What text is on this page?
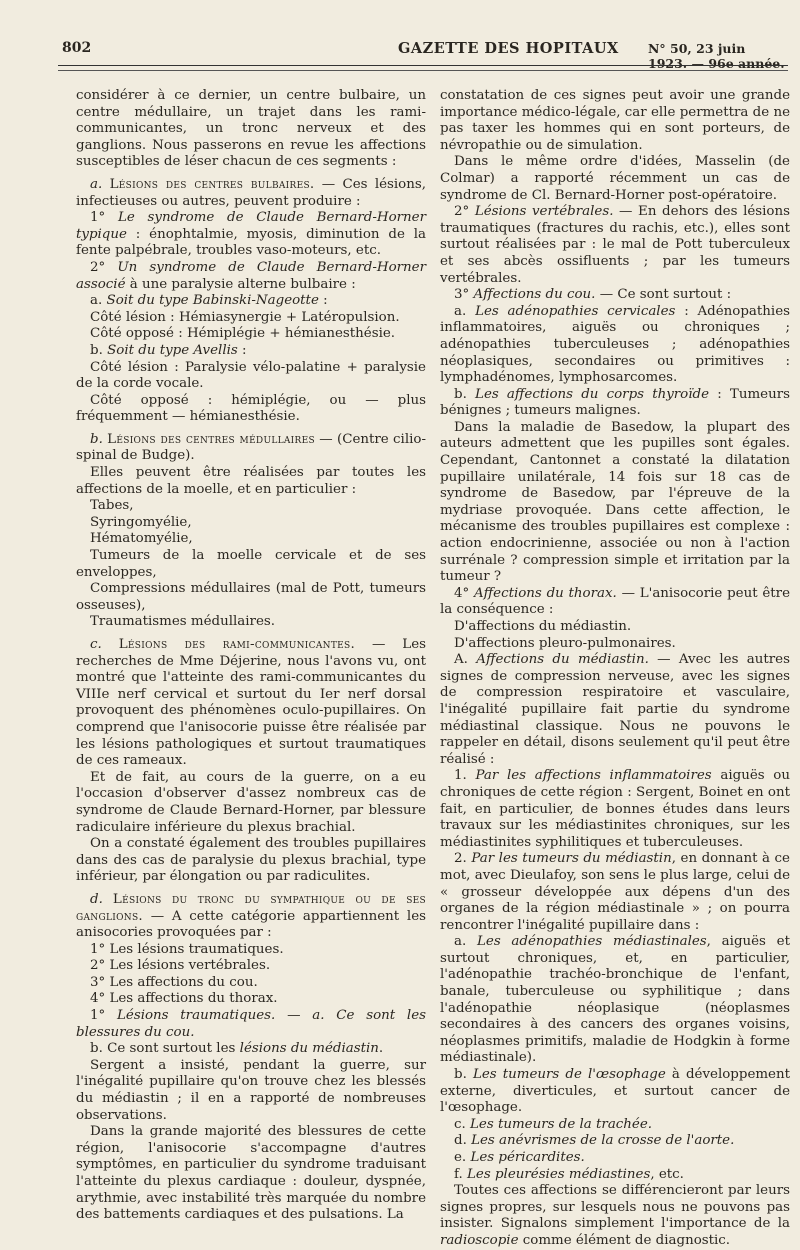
802	GAZETTE DES HOPITAUX N° 50, 23 juin 1923. — 96e année.

considérer à ce dernier, un centre bulbaire, un centre médullaire, un trajet dans les rami-communicantes, un tronc nerveux et des ganglions. Nous passerons en revue les affections susceptibles de léser chacun de ces segments :

a. Lésions des centres bulbaires. — Ces lésions, infectieuses ou autres, peuvent produire :

1° Le syndrome de Claude Bernard-Horner typique : énophtalmie, myosis, diminution de la fente palpébrale, troubles vaso-moteurs, etc.

2° Un syndrome de Claude Bernard-Horner associé à une paralysie alterne bulbaire :

a. Soit du type Babinski-Nageotte :

Côté lésion : Hémiasynergie + Latéropulsion.

Côté opposé : Hémiplégie + hémianesthésie.

b. Soit du type Avellis :

Côté lésion : Paralysie vélo-palatine + paralysie de la corde vocale.

Côté opposé : hémiplégie, ou — plus fréquemment — hémianesthésie.

b. Lésions des centres médullaires — (Centre cilio-spinal de Budge).

Elles peuvent être réalisées par toutes les affections de la moelle, et en particulier :

Tabes,

Syringomyélie,

Hématomyélie,

Tumeurs de la moelle cervicale et de ses enveloppes,

Compressions médullaires (mal de Pott, tumeurs osseuses),

Traumatismes médullaires.

c. Lésions des rami-communicantes. — Les recherches de Mme Déjerine, nous l'avons vu, ont montré que l'atteinte des rami-communicantes du VIIIe nerf cervical et surtout du Ier nerf dorsal provoquent des phénomènes oculo-pupillaires. On comprend que l'anisocorie puisse être réalisée par les lésions pathologiques et surtout traumatiques de ces rameaux.

Et de fait, au cours de la guerre, on a eu l'occasion d'observer d'assez nombreux cas de syndrome de Claude Bernard-Horner, par blessure radiculaire inférieure du plexus brachial.

On a constaté également des troubles pupillaires dans des cas de paralysie du plexus brachial, type inférieur, par élongation ou par radiculites.

d. Lésions du tronc du sympathique ou de ses ganglions. — A cette catégorie appartiennent les anisocories provoquées par :

1° Les lésions traumatiques.

2° Les lésions vertébrales.

3° Les affections du cou.

4° Les affections du thorax.

1° Lésions traumatiques. — a. Ce sont les blessures du cou.

b. Ce sont surtout les lésions du médiastin.

Sergent a insisté, pendant la guerre, sur l'inégalité pupillaire qu'on trouve chez les blessés du médiastin ; il en a rapporté de nombreuses observations.

Dans la grande majorité des blessures de cette région, l'anisocorie s'accompagne d'autres symptômes, en particulier du syndrome traduisant l'atteinte du plexus cardiaque : douleur, dyspnée, arythmie, avec instabilité très marquée du nombre des battements cardiaques et des pulsations. La

constatation de ces signes peut avoir une grande importance médico-légale, car elle permettra de ne pas taxer les hommes qui en sont porteurs, de névropathie ou de simulation.

Dans le même ordre d'idées, Masselin (de Colmar) a rapporté récemment un cas de syndrome de Cl. Bernard-Horner post-opératoire.

2° Lésions vertébrales. — En dehors des lésions traumatiques (fractures du rachis, etc.), elles sont surtout réalisées par : le mal de Pott tuberculeux et ses abcès ossifluents ; par les tumeurs vertébrales.

3° Affections du cou. — Ce sont surtout :

a. Les adénopathies cervicales : Adénopathies inflammatoires, aiguës ou chroniques ; adénopathies tuberculeuses ; adénopathies néoplasiques, secondaires ou primitives : lymphadénomes, lymphosarcomes.

b. Les affections du corps thyroïde : Tumeurs bénignes ; tumeurs malignes.

Dans la maladie de Basedow, la plupart des auteurs admettent que les pupilles sont égales. Cependant, Cantonnet a constaté la dilatation pupillaire unilatérale, 14 fois sur 18 cas de syndrome de Basedow, par l'épreuve de la mydriase provoquée. Dans cette affection, le mécanisme des troubles pupillaires est complexe : action endocrinienne, associée ou non à l'action surrénale ? compression simple et irritation par la tumeur ?

4° Affections du thorax. — L'anisocorie peut être la conséquence :

D'affections du médiastin.

D'affections pleuro-pulmonaires.

A. Affections du médiastin. — Avec les autres signes de compression nerveuse, avec les signes de compression respiratoire et vasculaire, l'inégalité pupillaire fait partie du syndrome médiastinal classique. Nous ne pouvons le rappeler en détail, disons seulement qu'il peut être réalisé :

1. Par les affections inflammatoires aiguës ou chroniques de cette région : Sergent, Boinet en ont fait, en particulier, de bonnes études dans leurs travaux sur les médiastinites chroniques, sur les médiastinites syphilitiques et tuberculeuses.

2. Par les tumeurs du médiastin, en donnant à ce mot, avec Dieulafoy, son sens le plus large, celui de « grosseur développée aux dépens d'un des organes de la région médiastinale » ; on pourra rencontrer l'inégalité pupillaire dans :

a. Les adénopathies médiastinales, aiguës et surtout chroniques, et, en particulier, l'adénopathie trachéo-bronchique de l'enfant, banale, tuberculeuse ou syphilitique ; dans l'adénopathie néoplasique (néoplasmes secondaires à des cancers des organes voisins, néoplasmes primitifs, maladie de Hodgkin à forme médiastinale).

b. Les tumeurs de l'œsophage à développement externe, diverticules, et surtout cancer de l'œsophage.

c. Les tumeurs de la trachée.

d. Les anévrismes de la crosse de l'aorte.

e. Les péricardites.

f. Les pleurésies médiastines, etc.

Toutes ces affections se différencieront par leurs signes propres, sur lesquels nous ne pouvons pas insister. Signalons simplement l'importance de la radioscopie comme élément de diagnostic.
